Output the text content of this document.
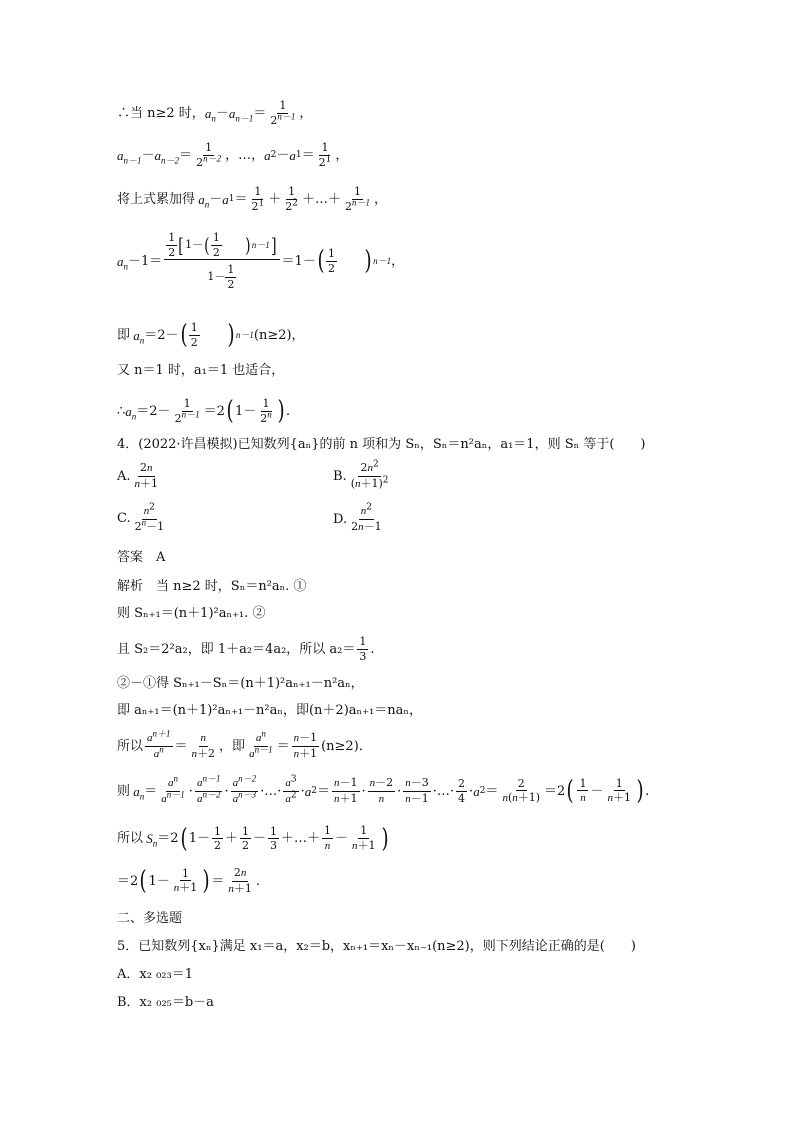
∴当 n≥2 时， $a_n - a_{n-1} = \frac{1}{2^{n-1}}$ ，
$a_{n-1} - a_{n-2} = \frac{1}{2^{n-2}}$ ，…， a 2 － a $1 = \frac{1}{2^1}$ ，
将上式累加得 $a_n - a$ $1 = \frac{1}{2^1} + \frac{1}{2^2}$ ＋…＋ $\frac{1}{2^{n-1}}$ ，
$a_n -1= \frac{\frac{1}{2} [ 1- ( \frac{1}{2} ) n-1 ]}{1- \frac{1}{2}} =1-$ ( $\frac{1}{2}$ ) n－1 ，
即 $a_n =2-$ ( $\frac{1}{2}$ ) n－1 (n≥2)，
又 n＝1 时，a₁＝1 也适合，
∴ $a_n =2- \frac{1}{2^{n-1}} =2$ ( $1- \frac{1}{2^n}$ ) .
4．(2022·许昌模拟)已知数列{aₙ}的前 n 项和为 Sₙ，Sₙ＝n²aₙ，a₁＝1，则 Sₙ 等于(　　)
A. $\frac{2n}{n+1}$	B. $\frac{2n^2}{(n+1)^2}$
C. $\frac{n^2}{2^n-1}$	D. $\frac{n^2}{2n-1}$
答案　A
解析　当 n≥2 时，Sₙ＝n²aₙ. ①
则 Sₙ₊₁＝(n＋1)²aₙ₊₁. ②
且 S₂＝2²a₂，即 1＋a₂＝4a₂，所以 $a_2= \frac{1}{3}$ .
②－①得 Sₙ₊₁－Sₙ＝(n＋1)²aₙ₊₁－n²aₙ，
即 aₙ₊₁＝(n＋1)²aₙ₊₁－n²aₙ，即(n＋2)aₙ₊₁＝naₙ，
所以 $\frac{a^{n+1}}{a^n} = \frac{n}{n+2}$ ，即 $\frac{a^n}{a^{n-1}} = \frac{n-1}{n+1} (n\ge 2)$．
则 $a_n = \frac{a^n}{a^{n-1}} \cdot \frac{a^{n-1}}{a^{n-2}} \cdot \frac{a^{n-2}}{a^{n-3}}$ ·…· $\frac{a^3}{a^2} \cdot a$ $2 = \frac{n-1}{n+1} \cdot \frac{n-2}{n} \cdot \frac{n-3}{n-1}$ ·…· $\frac{2}{4} \cdot a$ $2 = \frac{2}{n(n+1)} =2$ ( $\frac{1}{n} - \frac{1}{n+1}$ ) .
所以 $S_n =2$ ( $1- \frac{1}{2} + \frac{1}{2} - \frac{1}{3}$ ＋…＋ $\frac{1}{n} - \frac{1}{n+1}$ )
＝2 ( $1- \frac{1}{n+1}$ ) ＝ $\frac{2n}{n+1}$ .
二、多选题
5．已知数列{xₙ}满足 x₁＝a，x₂＝b，xₙ₊₁＝xₙ－xₙ₋₁(n≥2)，则下列结论正确的是(　　)
A．x₂ ₀₂₃＝1
B．x₂ ₀₂₅＝b－a
